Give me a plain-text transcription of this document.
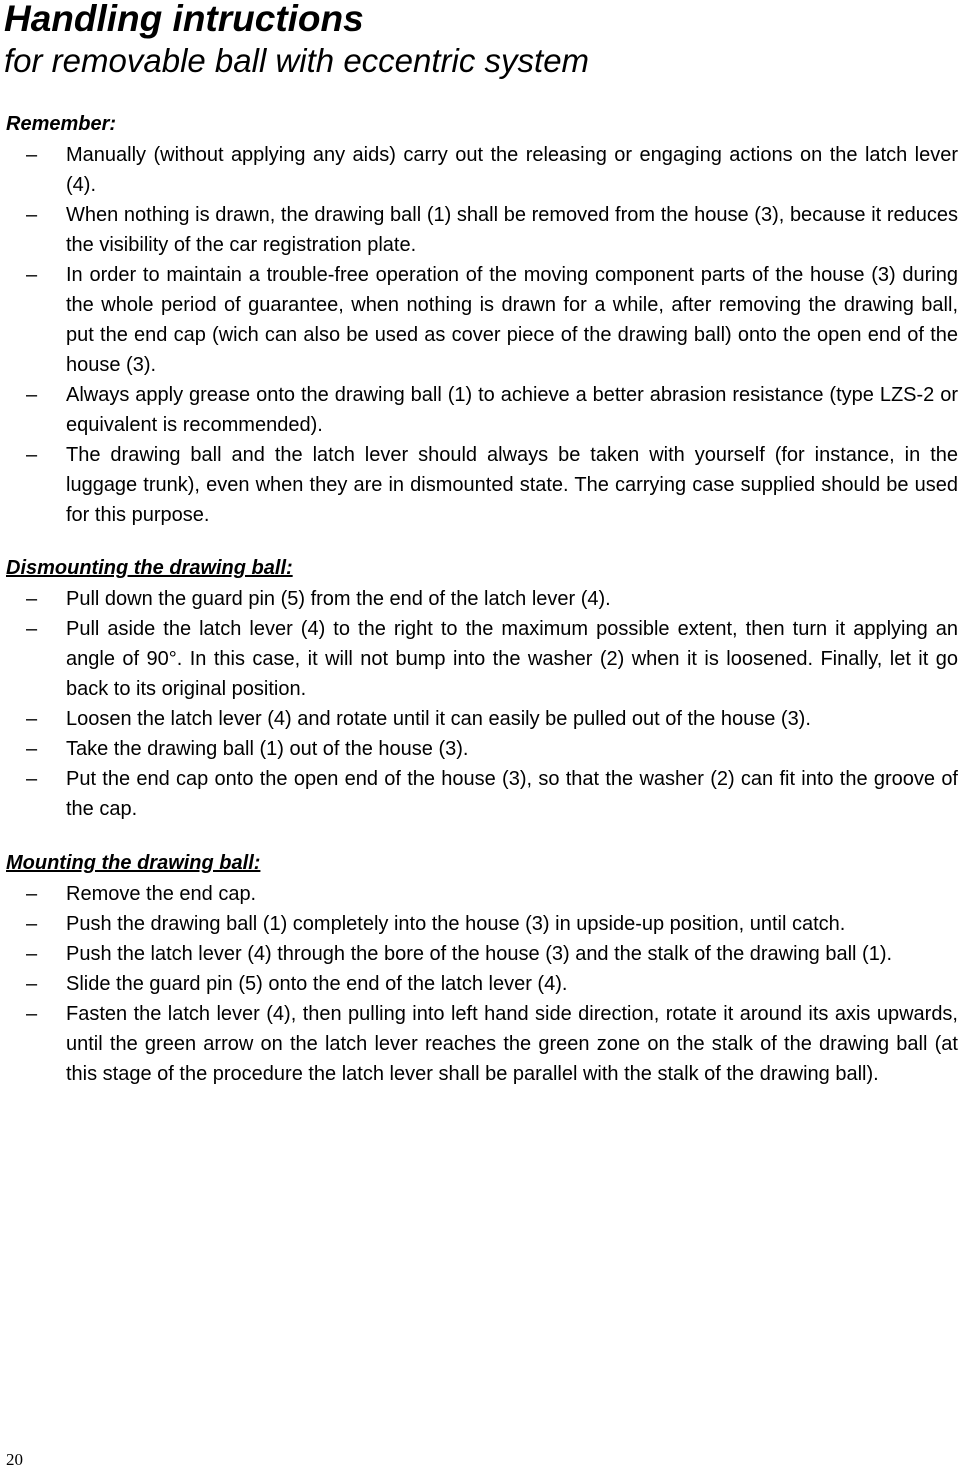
Handling intructions
for removable ball with eccentric system
Remember:
–	Manually (without applying any aids) carry out the releasing or engaging actions on the latch lever (4).
–	When nothing is drawn, the drawing ball (1) shall be removed from the house (3), because it reduces the visibility of the car registration plate.
–	In order to maintain a trouble-free operation of the moving component parts of the house (3) during the whole period of guarantee, when nothing is drawn for a while, after removing the drawing ball, put the end cap (wich can also be used as cover piece of the drawing ball) onto the open end of the house (3).
–	Always apply grease onto the drawing ball (1) to achieve a better abrasion resistance (type LZS-2 or equivalent is recommended).
–	The drawing ball and the latch lever should always be taken with yourself (for instance, in the luggage trunk), even when they are in dismounted state. The carrying case supplied should be used for this purpose.
Dismounting the drawing ball:
–	Pull down the guard pin (5) from the end of the latch lever (4).
–	Pull aside the latch lever (4) to the right to the maximum possible extent, then turn it applying an angle of 90°. In this case, it will not bump into the washer (2) when it is loosened. Finally, let it go back to its original position.
–	Loosen the latch lever (4) and rotate until it can easily be pulled out of the house (3).
–	Take the drawing ball (1) out of the house (3).
–	Put the end cap onto the open end of the house (3), so that the washer (2) can fit into the groove of the cap.
Mounting the drawing ball:
–	Remove the end cap.
–	Push the drawing ball (1) completely into the house (3) in upside-up position, until catch.
–	Push the latch lever (4) through the bore of the house (3) and the stalk of the drawing ball (1).
–	Slide the guard pin (5) onto the end of the latch lever (4).
–	Fasten the latch lever (4), then pulling into left hand side direction, rotate it around its axis upwards, until the green arrow on the latch lever reaches the green zone on the stalk of the drawing ball (at this stage of the procedure the latch lever shall be parallel with the stalk of the drawing ball).
20
